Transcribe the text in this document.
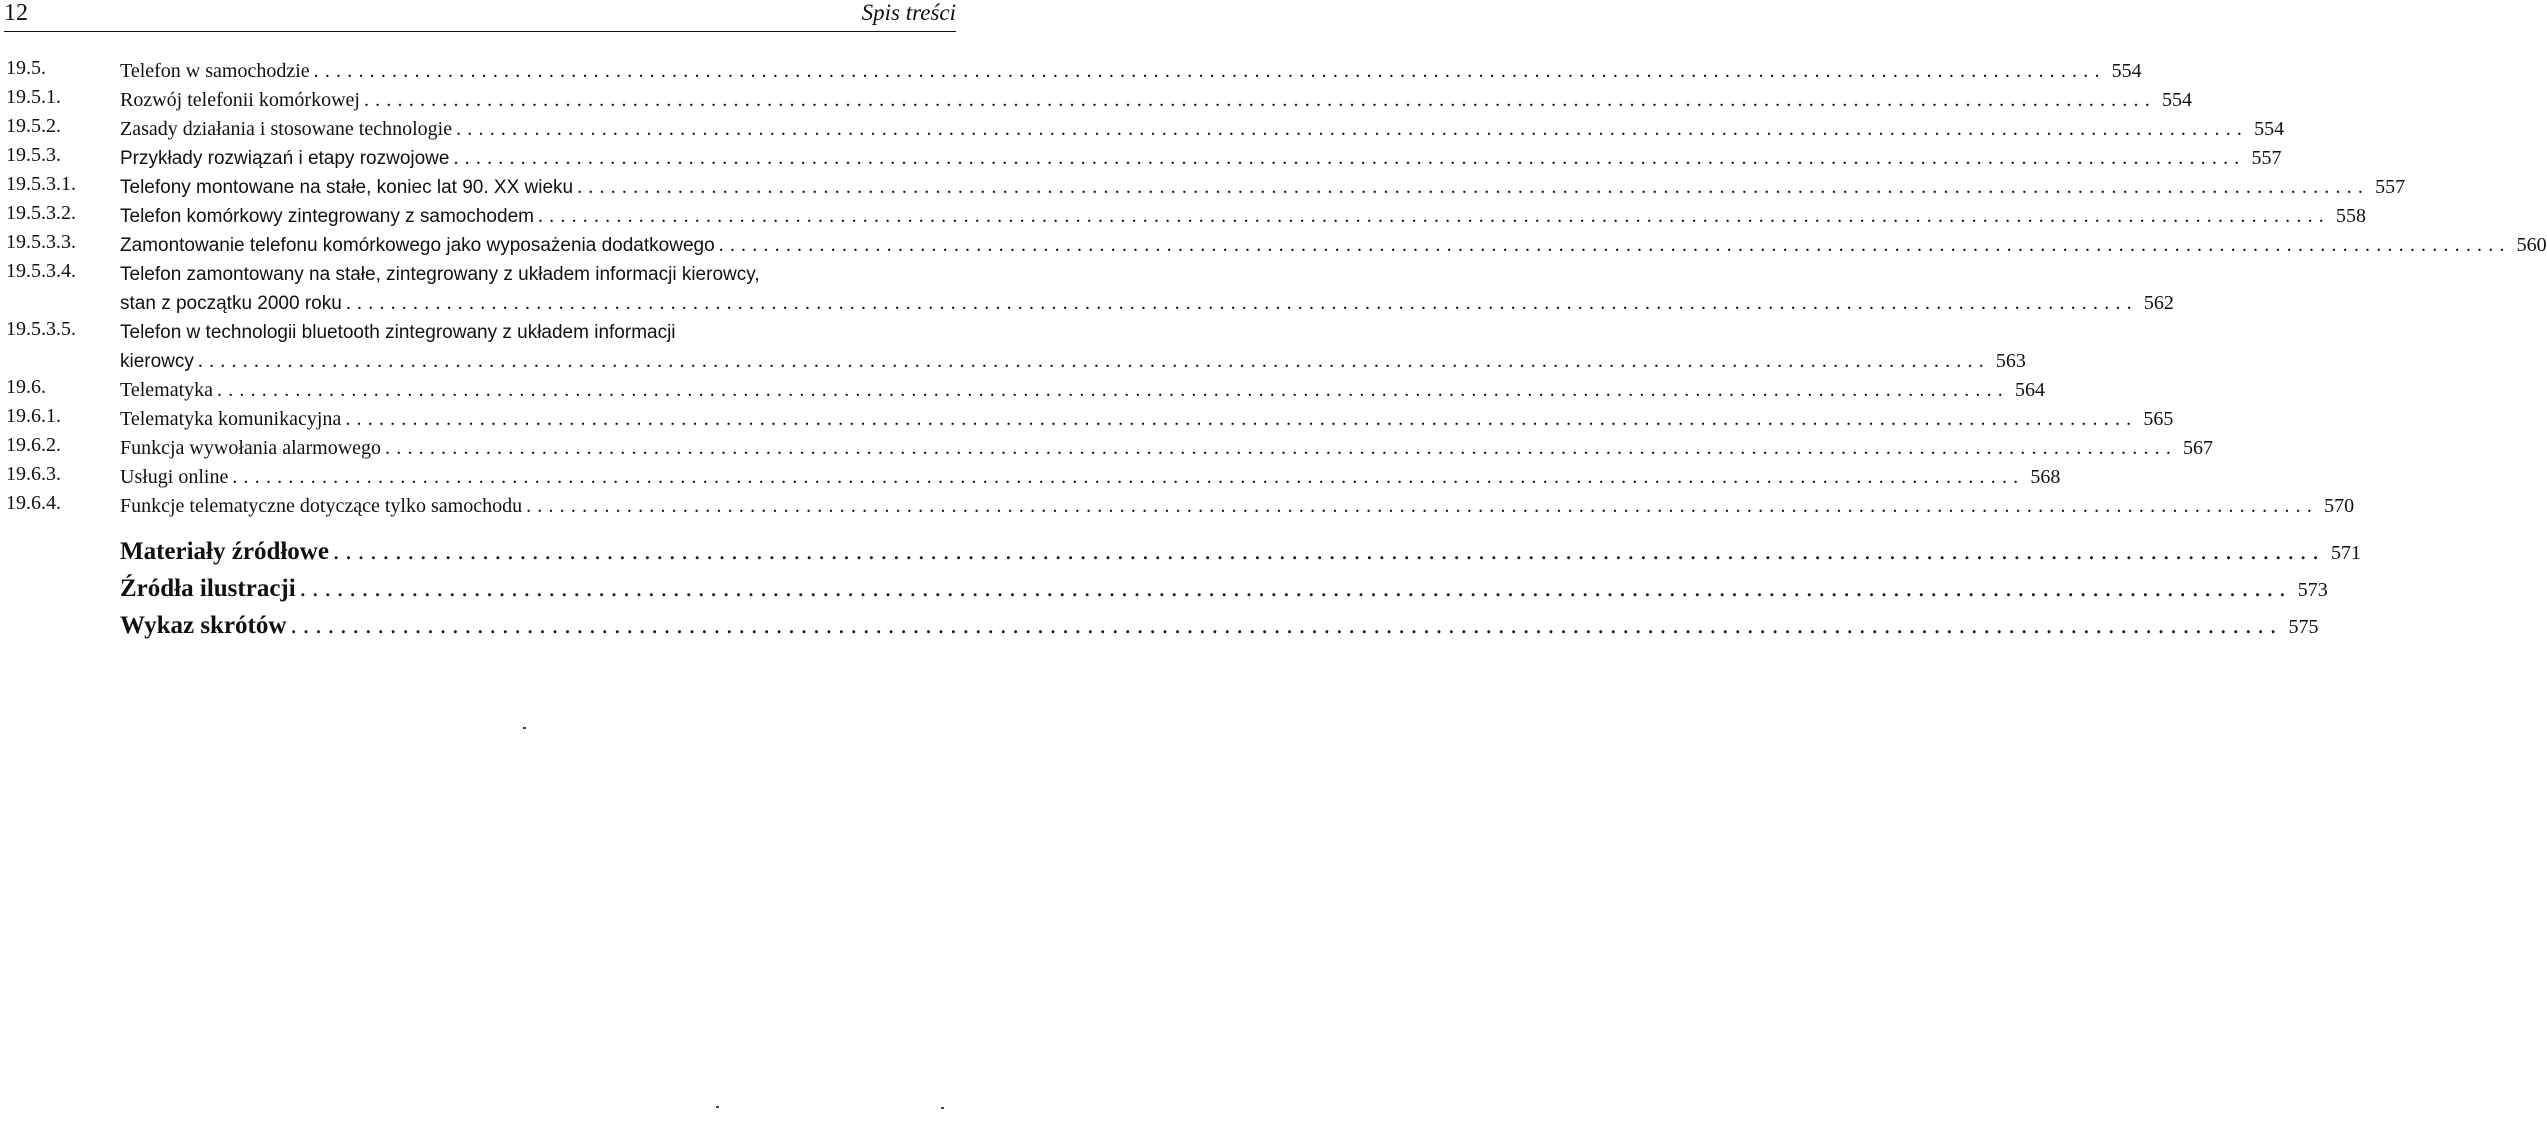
12	Spis treści
19.5.	Telefon w samochodzie ................................................................................................................................................................ 554
19.5.1.	Rozwój telefonii komórkowej ................................................................................................................................................................ 554
19.5.2.	Zasady działania i stosowane technologie ................................................................................................................................................................ 554
19.5.3.	Przykłady rozwiązań i etapy rozwojowe ................................................................................................................................................................ 557
19.5.3.1. Telefony montowane na stałe, koniec lat 90. XX wieku ................................................................................................................................................................ 557
19.5.3.2. Telefon komórkowy zintegrowany z samochodem ................................................................................................................................................................ 558
19.5.3.3. Zamontowanie telefonu komórkowego jako wyposażenia dodatkowego ................................................................................................................................................................ 560
19.5.3.4. Telefon zamontowany na stałe, zintegrowany z układem informacji kierowcy,
stan z początku 2000 roku ................................................................................................................................................................ 562
19.5.3.5. Telefon w technologii bluetooth zintegrowany z układem informacji
kierowcy ................................................................................................................................................................ 563
19.6.	Telematyka ................................................................................................................................................................ 564
19.6.1.	Telematyka komunikacyjna ................................................................................................................................................................ 565
19.6.2.	Funkcja wywołania alarmowego ................................................................................................................................................................ 567
19.6.3.	Usługi online ................................................................................................................................................................ 568
19.6.4.	Funkcje telematyczne dotyczące tylko samochodu ................................................................................................................................................................ 570
Materiały źródłowe ................................................................................................................................................................ 571
Źródła ilustracji ................................................................................................................................................................ 573
Wykaz skrótów ................................................................................................................................................................ 575
